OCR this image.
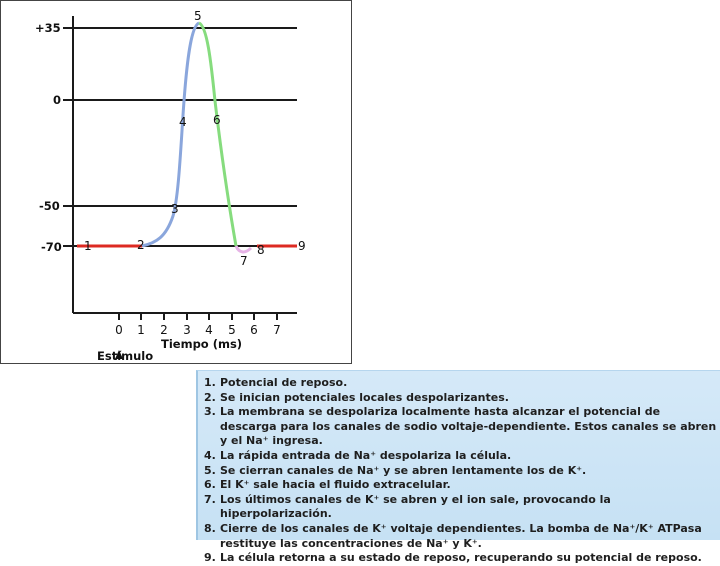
+35
0
-50
-70
0 1 2 3 4 5 6 7
1	2
3
4
5
6
7
8	9
Estímulo
Tiempo (ms)
1. Potencial de reposo.
2. Se inician potenciales locales despolarizantes.
3. La membrana se despolariza localmente hasta alcanzar el potencial de descarga para los canales de sodio voltaje-dependiente. Estos canales se abren y el Na⁺ ingresa.
4. La rápida entrada de Na⁺ despolariza la célula.
5. Se cierran canales de Na⁺ y se abren lentamente los de K⁺.
6. El K⁺ sale hacia el fluido extracelular.
7. Los últimos canales de K⁺ se abren y el ion sale, provocando la hiperpolarización.
8. Cierre de los canales de K⁺ voltaje dependientes. La bomba de Na⁺/K⁺ ATPasa restituye las concentraciones de Na⁺ y K⁺.
9. La célula retorna a su estado de reposo, recuperando su potencial de reposo.
